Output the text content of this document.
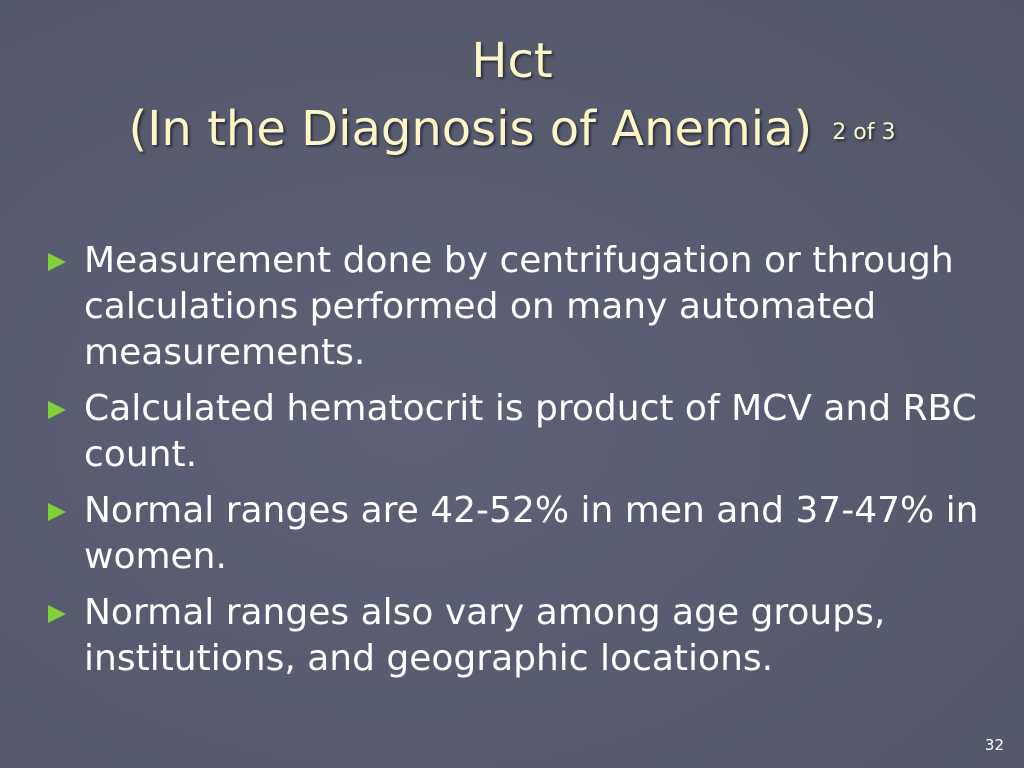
Hct
(In the Diagnosis of Anemia) 2 of 3
Measurement done by centrifugation or through calculations performed on many automated measurements.
Calculated hematocrit is product of MCV and RBC count.
Normal ranges are 42-52% in men and 37-47% in women.
Normal ranges also vary among age groups, institutions, and geographic locations.
32
